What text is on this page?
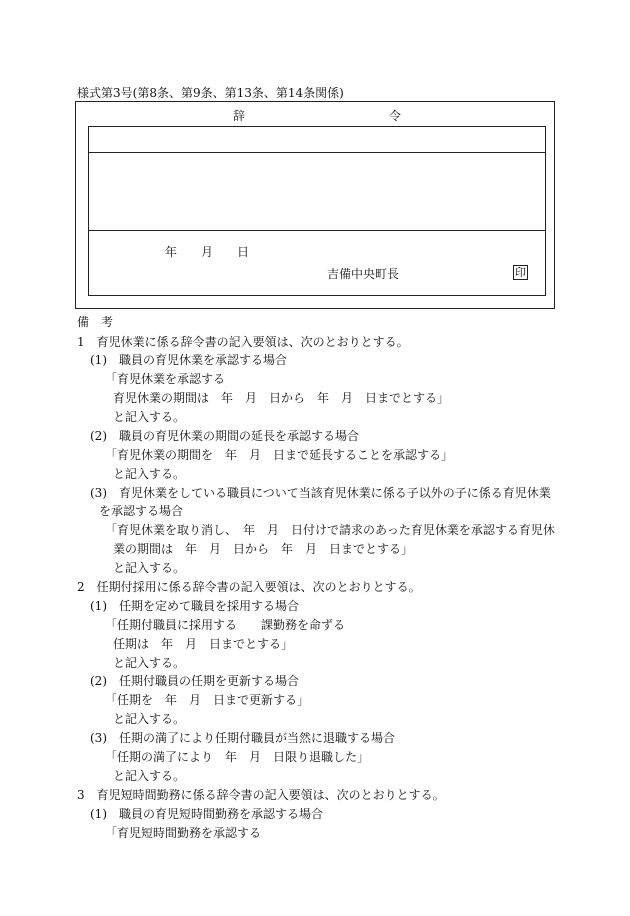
様式第3号(第8条、第9条、第13条、第14条関係)
辞	令
年 月 日
吉備中央町長	印
備　考
1　育児休業に係る辞令書の記入要領は、次のとおりとする。
(1)　職員の育児休業を承認する場合
「育児休業を承認する
育児休業の期間は　年　月　日から　年　月　日までとする」
と記入する。
(2)　職員の育児休業の期間の延長を承認する場合
「育児休業の期間を　年　月　日まで延長することを承認する」
と記入する。
(3)　育児休業をしている職員について当該育児休業に係る子以外の子に係る育児休業
を承認する場合
「育児休業を取り消し、　年　月　日付けで請求のあった育児休業を承認する育児休
業の期間は　年　月　日から　年　月　日までとする」
と記入する。
2　任期付採用に係る辞令書の記入要領は、次のとおりとする。
(1)　任期を定めて職員を採用する場合
「任期付職員に採用する　　課勤務を命ずる
任期は　年　月　日までとする」
と記入する。
(2)　任期付職員の任期を更新する場合
「任期を　年　月　日まで更新する」
と記入する。
(3)　任期の満了により任期付職員が当然に退職する場合
「任期の満了により　年　月　日限り退職した」
と記入する。
3　育児短時間勤務に係る辞令書の記入要領は、次のとおりとする。
(1)　職員の育児短時間勤務を承認する場合
「育児短時間勤務を承認する
